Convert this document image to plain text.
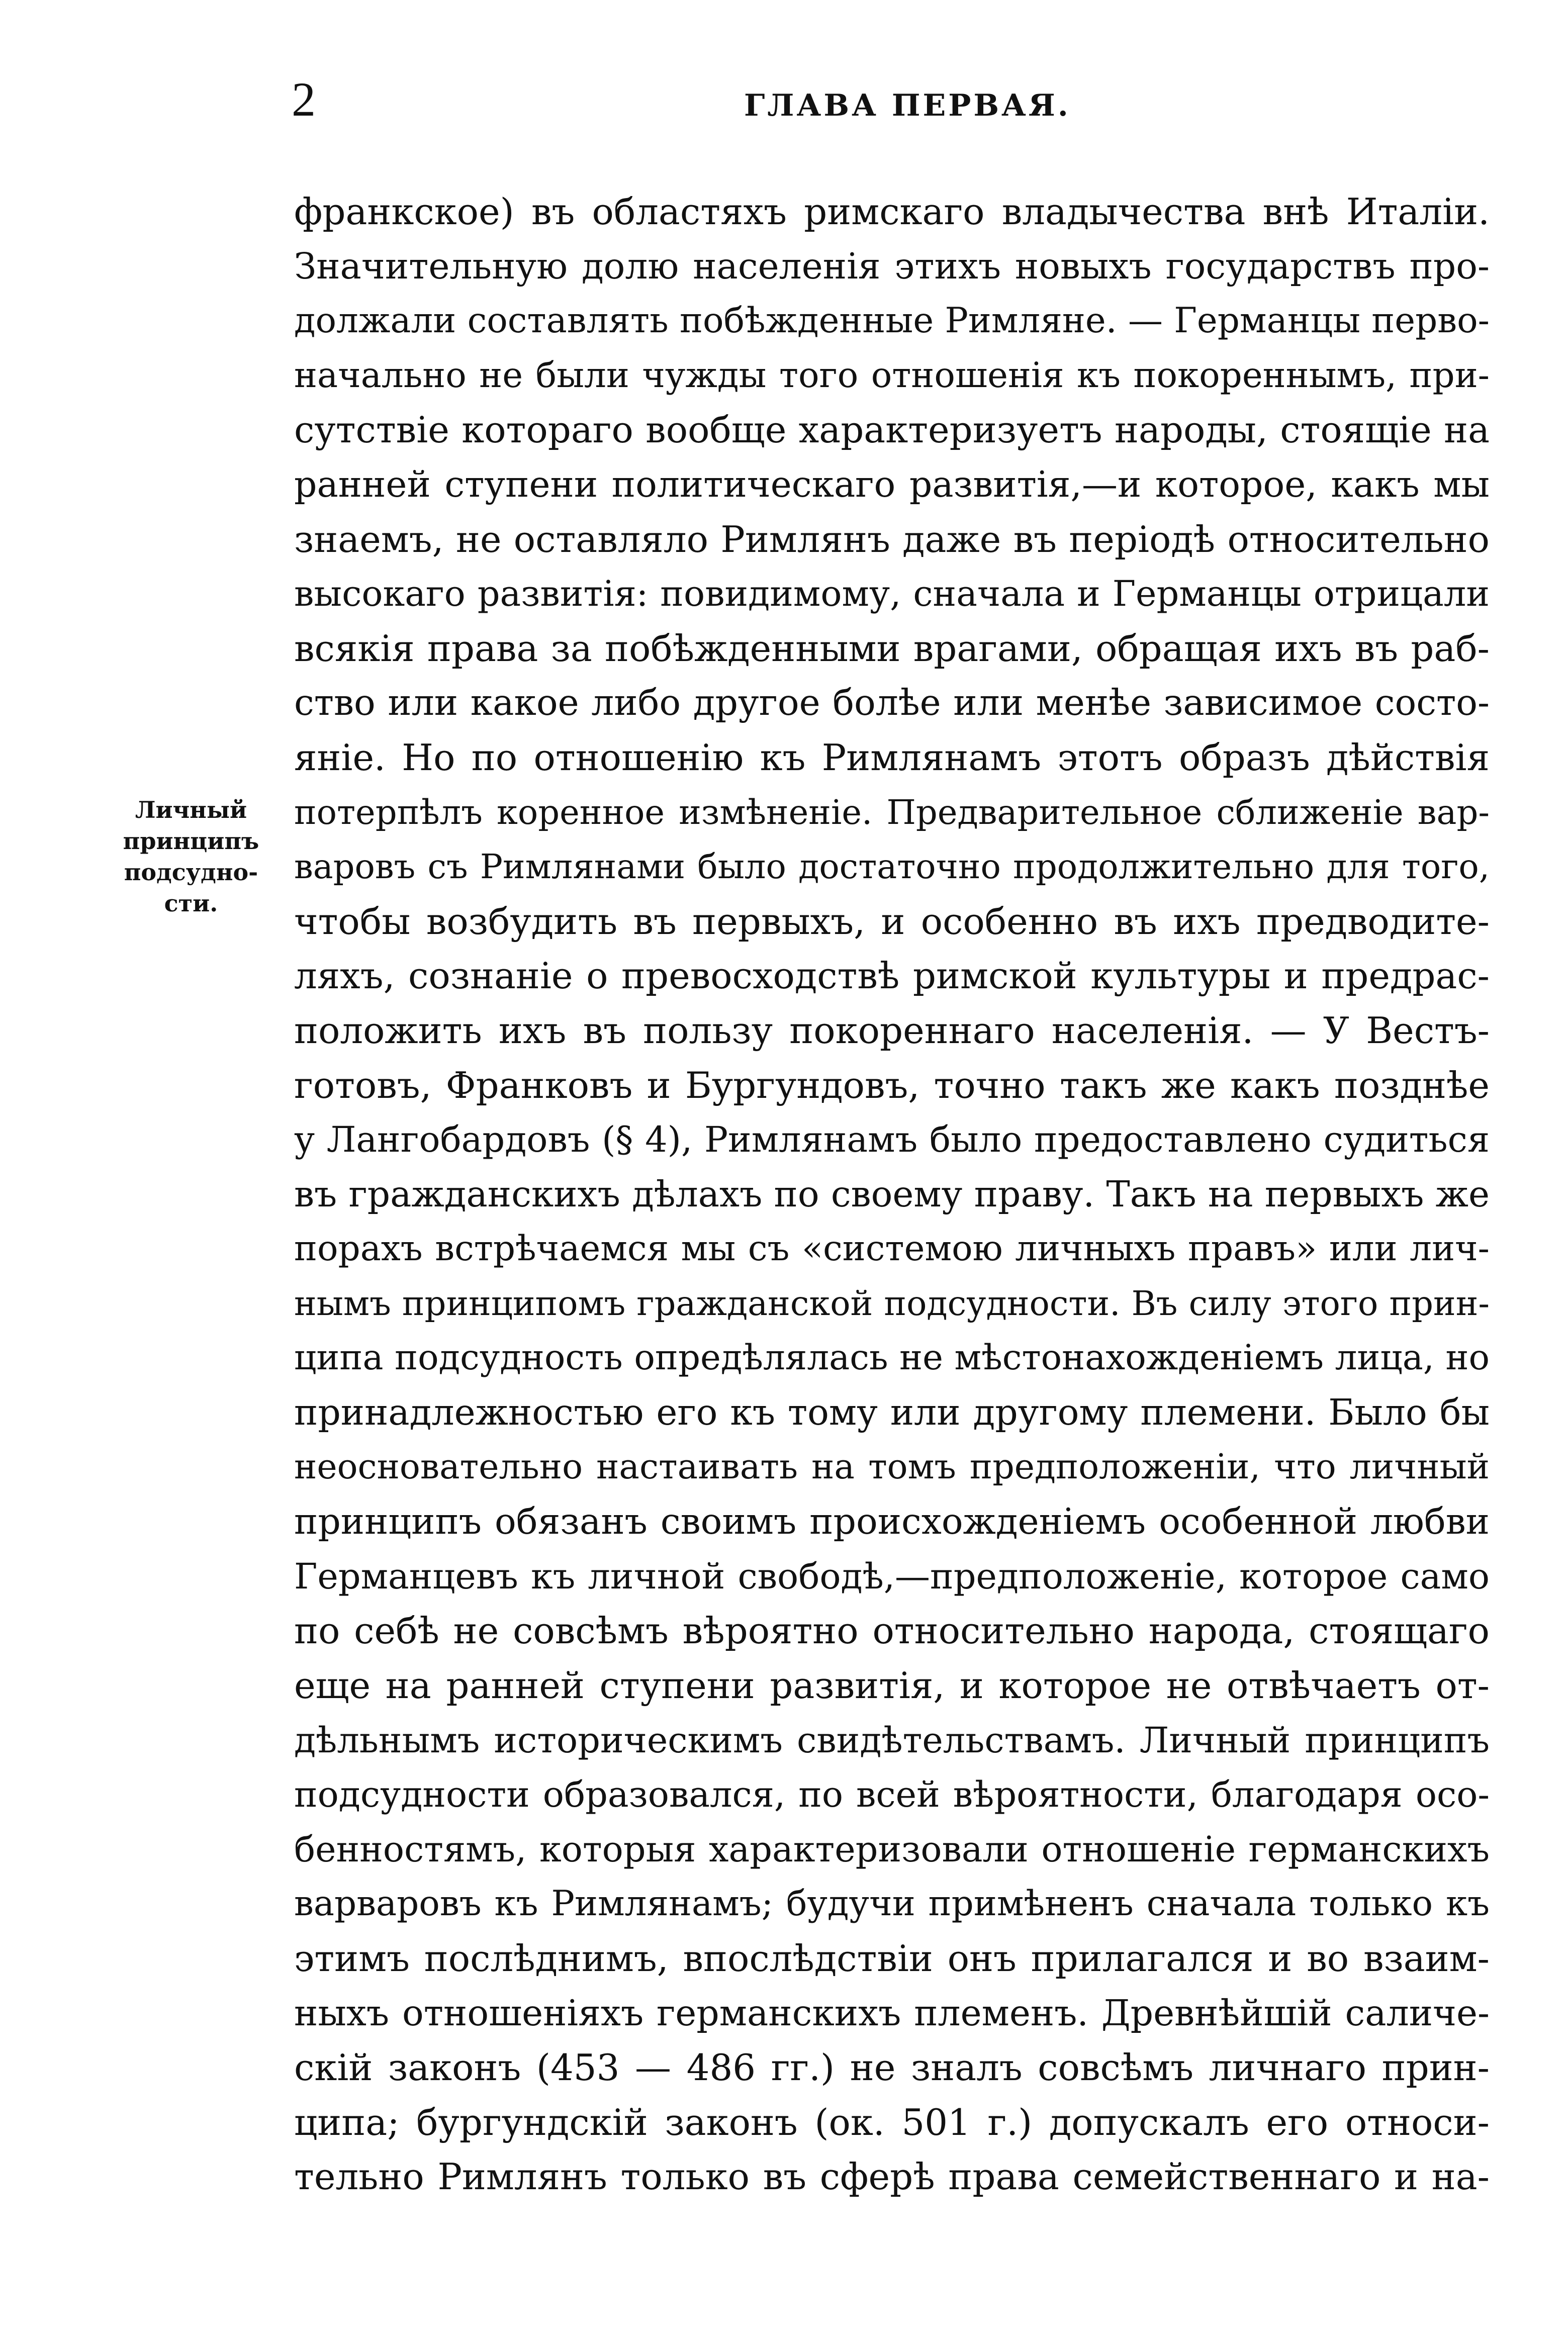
2	ГЛАВА ПЕРВАЯ.
Личный
принципъ
подсудно-
сти.
франкское) въ областяхъ римскаго владычества внѣ Италіи.
Значительную долю населенія этихъ новыхъ государствъ про-
должали составлять побѣжденные Римляне. — Германцы перво-
начально не были чужды того отношенія къ покореннымъ, при-
сутствіе котораго вообще характеризуетъ народы, стоящіе на
ранней ступени политическаго развитія,—и которое, какъ мы
знаемъ, не оставляло Римлянъ даже въ періодѣ относительно
высокаго развитія: повидимому, сначала и Германцы отрицали
всякія права за побѣжденными врагами, обращая ихъ въ раб-
ство или какое либо другое болѣе или менѣе зависимое состо-
яніе. Но по отношенію къ Римлянамъ этотъ образъ дѣйствія
потерпѣлъ коренное измѣненіе. Предварительное сближеніе вар-
варовъ съ Римлянами было достаточно продолжительно для того,
чтобы возбудить въ первыхъ, и особенно въ ихъ предводите-
ляхъ, сознаніе о превосходствѣ римской культуры и предрас-
положить ихъ въ пользу покореннаго населенія. — У Вестъ-
готовъ, Франковъ и Бургундовъ, точно такъ же какъ позднѣе
у Лангобардовъ (§ 4), Римлянамъ было предоставлено судиться
въ гражданскихъ дѣлахъ по своему праву. Такъ на первыхъ же
порахъ встрѣчаемся мы съ «системою личныхъ правъ» или лич-
нымъ принципомъ гражданской подсудности. Въ силу этого прин-
ципа подсудность опредѣлялась не мѣстонахожденіемъ лица, но
принадлежностью его къ тому или другому племени. Было бы
неосновательно настаивать на томъ предположеніи, что личный
принципъ обязанъ своимъ происхожденіемъ особенной любви
Германцевъ къ личной свободѣ,—предположеніе, которое само
по себѣ не совсѣмъ вѣроятно относительно народа, стоящаго
еще на ранней ступени развитія, и которое не отвѣчаетъ от-
дѣльнымъ историческимъ свидѣтельствамъ. Личный принципъ
подсудности образовался, по всей вѣроятности, благодаря осо-
бенностямъ, которыя характеризовали отношеніе германскихъ
варваровъ къ Римлянамъ; будучи примѣненъ сначала только къ
этимъ послѣднимъ, впослѣдствіи онъ прилагался и во взаим-
ныхъ отношеніяхъ германскихъ племенъ. Древнѣйшій саличе-
скій законъ (453 — 486 гг.) не зналъ совсѣмъ личнаго прин-
ципа; бургундскій законъ (ок. 501 г.) допускалъ его относи-
тельно Римлянъ только въ сферѣ права семейственнаго и на-
